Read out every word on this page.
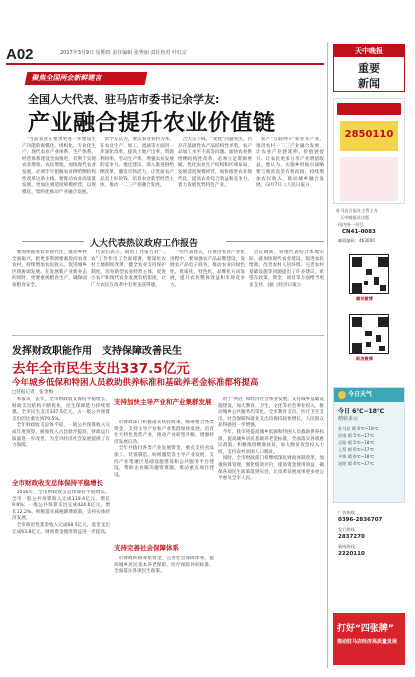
A02	2017年3月9日 星期四 责任编辑 张秀丽 责任校对 叶红宗
聚焦全国两会新鲜建言
全国人大代表、驻马店市委书记余学友:
产业融合提升农业价值链

“当前农业正要求更进一步建设生产功能的规模化、组织化、专业化生产，现代农业产业体系、生产体系、经营体系建设全面推进，有利于实现农业增效、农民增收。加快现代农业发展，必须牢牢把握农业供给侧结构性改革这条主线，要推动农业高质量发展、更加注重适度规模经营，以规模化、集约化推动产业融合发展。

余学友认为，要以农业农村为本，在农业生产、加工、流通等方面进一步深化改革，提高土地产出率、资源利用率、劳动生产率，增强农业发展的竞争力。他还建议，深入推进供给侧改革，激发市场活力，让优质农产品卖上好价钱，培育农业新型经营主体，推动一二三产业融合发展。

合大宗下降。“麦观”问题突出，仍存在基础性农产品结构性矛盾，农产品加工水平不高等问题。加快农业供给侧结构性改革，必须立足资源禀赋，优化农业生产结构和区域布局，发展适度规模经营，加快推进农业现代化，提高农业综合效益和竞争力，着力发展优势特色产业。

农产”互联网+”农业等产业，推进农村一二三产业融合发展，让农业产业链延伸、价值链提升、让农民更多分享产业增值收益。他认为，实施乡村振兴战略要与脱贫攻坚有机衔接，持续增加农民收入，推动城乡融合发展。(3月7日《人民日报》)

人大代表热议政府工作报告

要加快推进农业现代化，推动乡村全面振兴，把更多资源要素投向农业农村，持续增加农民收入，促进城乡区域协调发展。在发展新产业新业态的同时，更要重视粮食生产，确保国家粮食安全。

代表们表示，政府工作报告对“三农”工作作出了全面部署，要深化农村土地制度改革，健全农业支持保护制度，培育新型农业经营主体，促进小农户和现代农业发展有机衔接，让广大农民在改革中有更多获得感。

一些代表建议，在推进农业产业化进程中，要加强农产品品牌建设，发展农产品电子商务，推动农业向绿色化、优质化、特色化、品牌化方向发展，提升农业整体效益和市场竞争力。

会议期间，各地代表结合本地实际，就加快现代农业建设、促进农民增收、改善农村人居环境、完善农村基础设施等问题提出了许多建议，希望在政策、资金、项目等方面给予更多支持。(据《经济日报》)

发挥财政职能作用　支持保障改善民生
去年全市民生支出337.5亿元
今年城乡低保和特困人员救助供养标准和基础养老金标准都将提高
□驻报记者　张金梅

本报讯　去年，全市财政收支保持平稳增长，财政支出结构不断优化，民生保障能力持续增强。全市民生支出337.5亿元，占一般公共预算支出的比重达到79.5%。

全年财政收支总体平稳，一般公共预算收入完成年度预算，税收收入占比稳步提高，财政运行质量进一步改善，为全市经济社会发展提供了有力保障。

全市财政收支总体保持平稳增长

2016年，全市财政收支总体保持平稳增长。全市一般公共预算收入完成119.4亿元，增长9.6%；一般公共预算支出完成424.6亿元，增长12.2%。积极落实减税降费政策，支持实体经济发展。

全市政府性基金收入完成68.5亿元，基金支出完成63.8亿元。财政资金使用效益进一步提高。

支持加快主导产业和产业集群发展

市财政部门积极落实扶持政策，统筹整合各类资金，支持主导产业和产业集群加快发展，培育壮大特色优势产业，推动产业转型升级，增强经济发展后劲。

全年共拨付各类产业发展资金，重点支持食品加工、装备制造、纺织服装等主导产业发展，支持产业集聚区基础设施建设和公共服务平台建设，帮助企业解决融资难题，推动重点项目建设。

支持完善社会保障体系

市财政积极筹措资金，完善社会保障体系，提高城乡居民基本养老保险、医疗保险补助标准，全面落实各项民生政策。

用于”两区”和经济社会事业发展，支持城乡基础设施建设，加大教育、卫生、文化等社会事业投入，推动城乡公共服务均等化。全市教育支出、医疗卫生支出、社会保障和就业支出均保持较快增长，人民群众获得感进一步增强。

今年，我市将提高城乡低保和特困人员救助供养标准，提高城乡居民基础养老金标准，全面落实各项惠民政策，积极推进精准扶贫，加大脱贫攻坚投入力度，支持农村贫困人口脱贫。

同时，全市财政部门将继续深化财政体制改革，加强预算管理，强化绩效评价，提高资金使用效益，确保各项民生政策落到实处，让改革发展成果更多更公平惠及全市人民。

天中晚报
重要
新闻
2850110
驻马店日报社主管主办
天中晚报社出版
国内统一刊号：
CN41-0083
邮政编码：463000
腾讯微博
新浪微博
今日天气
今日 6℃~18℃
晴转多云
驻马店 晴 6℃~18℃
汝南 晴 5℃~17℃
正阳 晴 5℃~18℃
上蔡 晴 6℃~17℃
平舆 晴 6℃~18℃
泌阳 晴 4℃~17℃
广告热线
0396-2836707
发行热线
2837270
新闻热线
2220110
打好“四张牌”
推动驻马店经济高质量发展
